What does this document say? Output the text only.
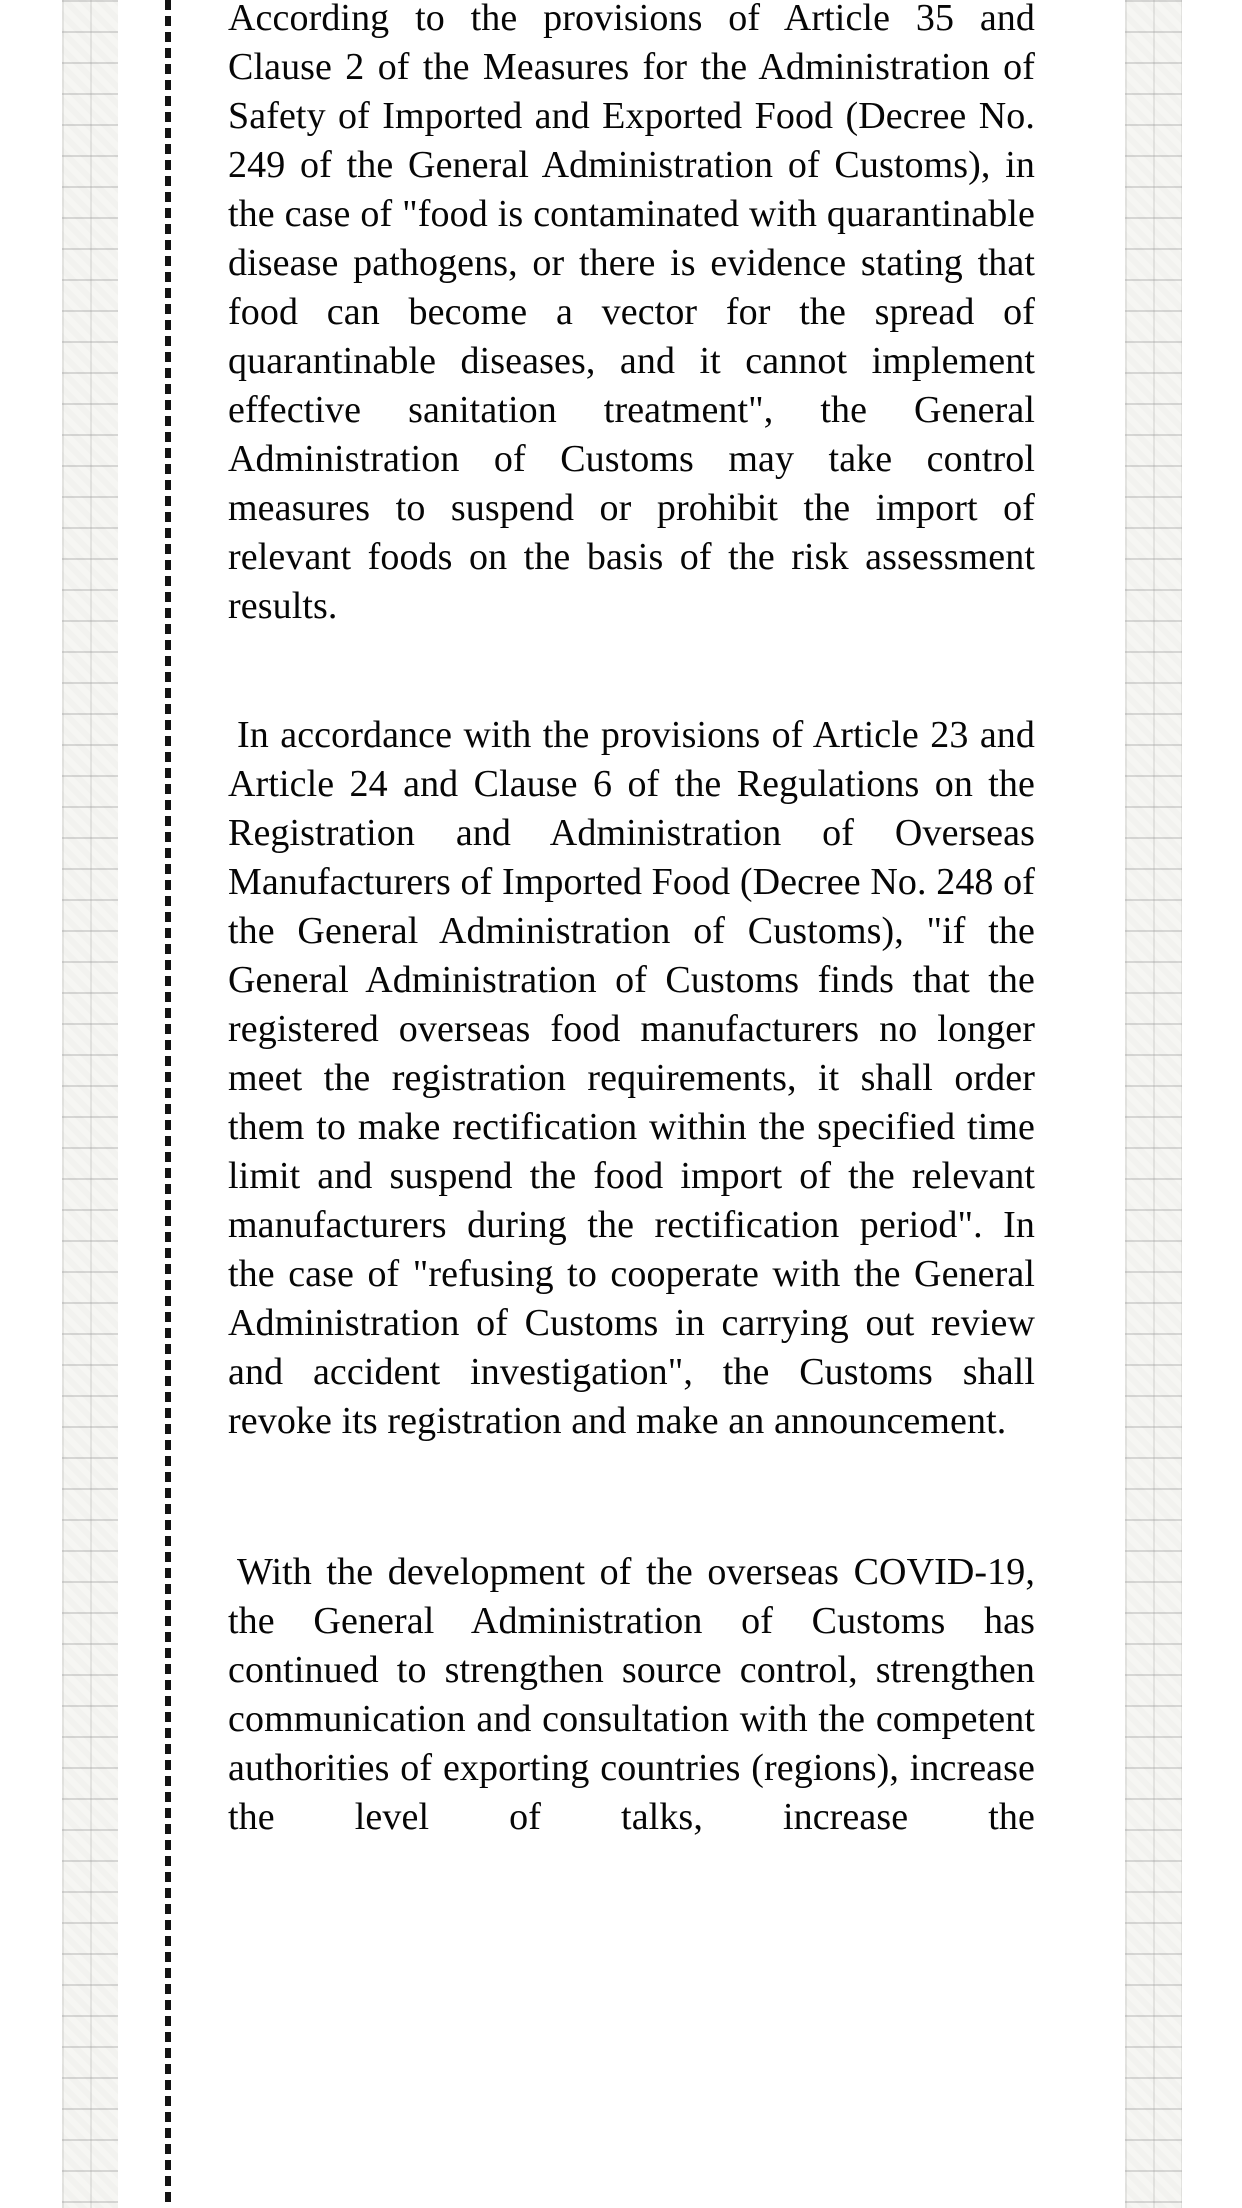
According to the provisions of Article 35 and Clause 2 of the Measures for the Administration of Safety of Imported and Exported Food (Decree No. 249 of the General Administration of Customs), in the case of "food is contaminated with quarantinable disease pathogens, or there is evidence stating that food can become a vector for the spread of quarantinable diseases, and it cannot implement effective sanitation treatment", the General Administration of Customs may take control measures to suspend or prohibit the import of relevant foods on the basis of the risk assessment results.

In accordance with the provisions of Article 23 and Article 24 and Clause 6 of the Regulations on the Registration and Administration of Overseas Manufacturers of Imported Food (Decree No. 248 of the General Administration of Customs), "if the General Administration of Customs finds that the registered overseas food manufacturers no longer meet the registration requirements, it shall order them to make rectification within the specified time limit and suspend the food import of the relevant manufacturers during the rectification period". In the case of "refusing to cooperate with the General Administration of Customs in carrying out review and accident investigation", the Customs shall revoke its registration and make an announcement.

With the development of the overseas COVID-19, the General Administration of Customs has continued to strengthen source control, strengthen communication and consultation with the competent authorities of exporting countries (regions), increase the level of talks, increase the
